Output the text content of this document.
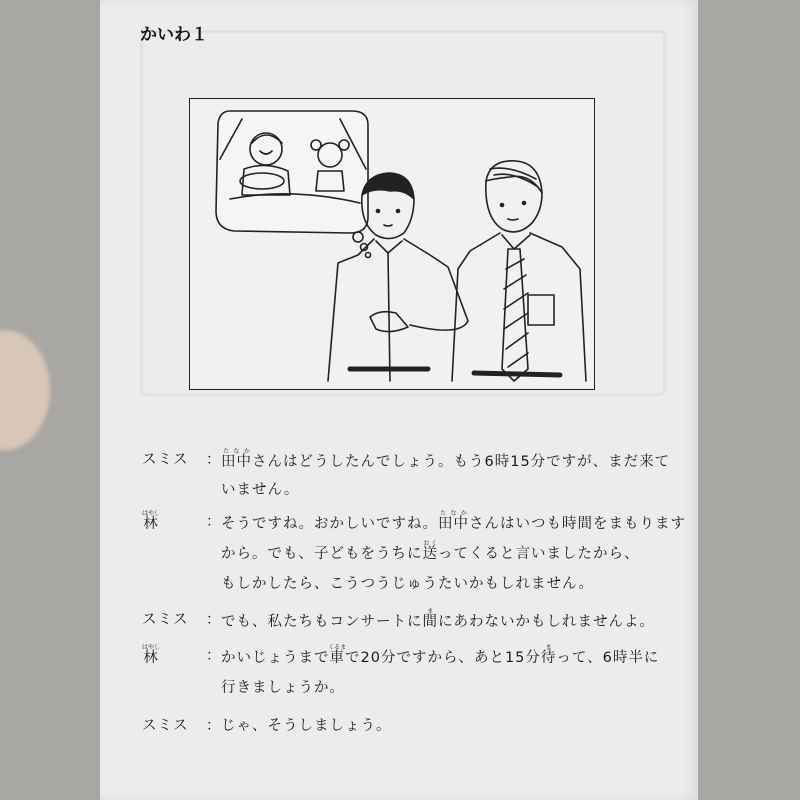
かいわ１
スミス ： 田中たなかさんはどうしたんでしょう。もう6時15分ですが、まだ来て
いません。
林はやし
： そうですね。おかしいですね。田中たなかさんはいつも時間をまもります
から。でも、子どもをうちに送おくってくると言いましたから、
もしかしたら、こうつうじゅうたいかもしれません。
スミス ： でも、私たちもコンサートに間まにあわないかもしれませんよ。
林はやし
： かいじょうまで車くるまで20分ですから、あと15分待まって、6時半に
行きましょうか。
スミス ： じゃ、そうしましょう。
